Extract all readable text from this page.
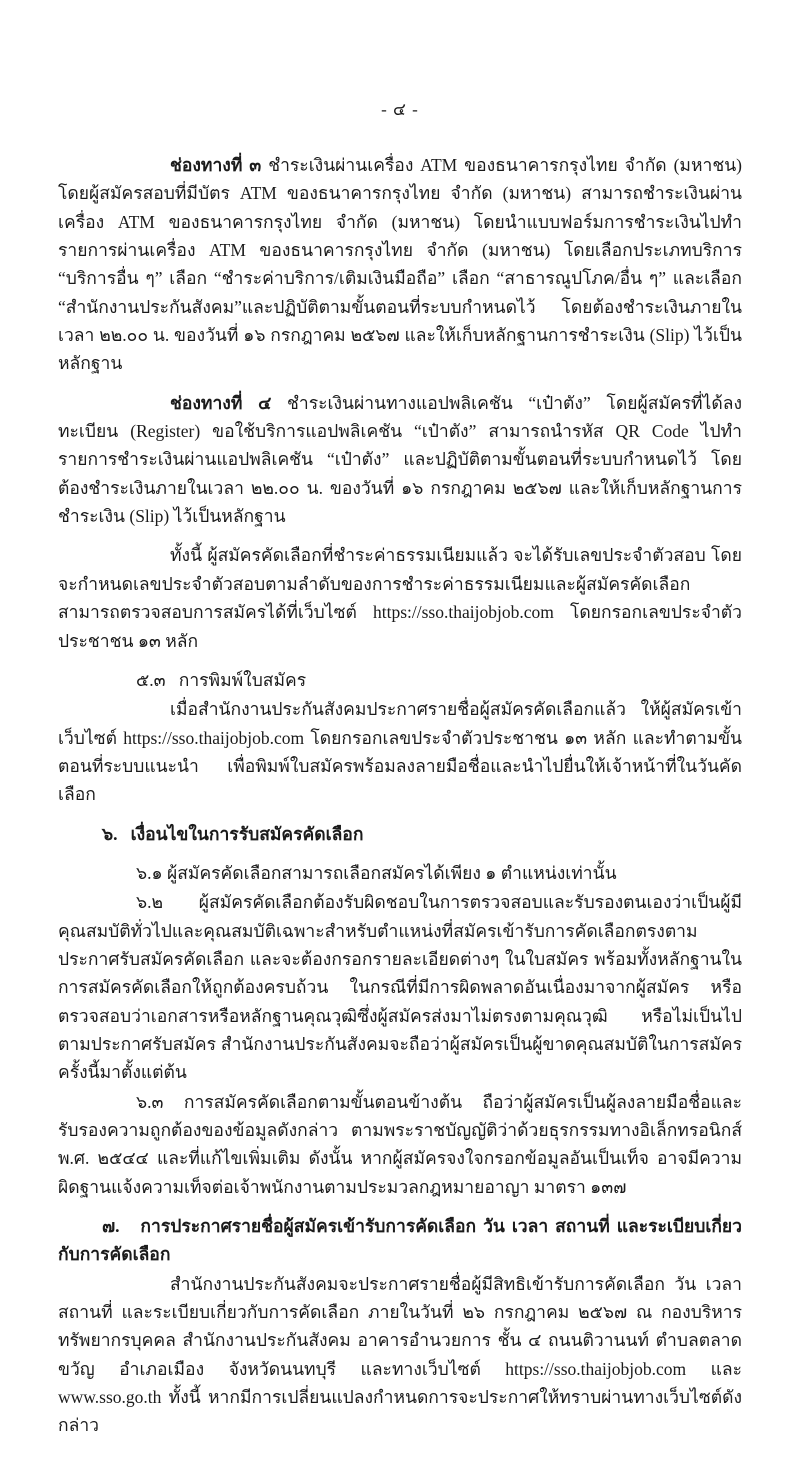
- ๔ -

ช่องทางที่ ๓ ชำระเงินผ่านเครื่อง ATM ของธนาคารกรุงไทย จำกัด (มหาชน) โดยผู้สมัครสอบที่มีบัตร ATM ของธนาคารกรุงไทย จำกัด (มหาชน) สามารถชำระเงินผ่านเครื่อง ATM ของธนาคารกรุงไทย จำกัด (มหาชน) โดยนำแบบฟอร์มการชำระเงินไปทำรายการผ่านเครื่อง ATM ของธนาคารกรุงไทย จำกัด (มหาชน) โดยเลือกประเภทบริการ “บริการอื่น ๆ” เลือก “ชำระค่าบริการ/เติมเงินมือถือ” เลือก “สาธารณูปโภค/อื่น ๆ” และเลือก “สำนักงานประกันสังคม”และปฏิบัติตามขั้นตอนที่ระบบกำหนดไว้ โดยต้องชำระเงินภายในเวลา ๒๒.๐๐ น. ของวันที่ ๑๖ กรกฎาคม ๒๕๖๗ และให้เก็บหลักฐานการชำระเงิน (Slip) ไว้เป็นหลักฐาน

ช่องทางที่ ๔ ชำระเงินผ่านทางแอปพลิเคชัน “เป๋าตัง” โดยผู้สมัครที่ได้ลงทะเบียน (Register) ขอใช้บริการแอปพลิเคชัน “เป๋าตัง” สามารถนำรหัส QR Code ไปทำรายการชำระเงินผ่านแอปพลิเคชัน “เป๋าตัง” และปฏิบัติตามขั้นตอนที่ระบบกำหนดไว้ โดยต้องชำระเงินภายในเวลา ๒๒.๐๐ น. ของวันที่ ๑๖ กรกฎาคม ๒๕๖๗ และให้เก็บหลักฐานการชำระเงิน (Slip) ไว้เป็นหลักฐาน

ทั้งนี้ ผู้สมัครคัดเลือกที่ชำระค่าธรรมเนียมแล้ว จะได้รับเลขประจำตัวสอบ โดยจะกำหนดเลขประจำตัวสอบตามลำดับของการชำระค่าธรรมเนียมและผู้สมัครคัดเลือกสามารถตรวจสอบการสมัครได้ที่เว็บไซต์ https://sso.thaijobjob.com โดยกรอกเลขประจำตัวประชาชน ๑๓ หลัก

๕.๓ การพิมพ์ใบสมัคร

เมื่อสำนักงานประกันสังคมประกาศรายชื่อผู้สมัครคัดเลือกแล้ว ให้ผู้สมัครเข้าเว็บไซต์ https://sso.thaijobjob.com โดยกรอกเลขประจำตัวประชาชน ๑๓ หลัก และทำตามขั้นตอนที่ระบบแนะนำ เพื่อพิมพ์ใบสมัครพร้อมลงลายมือชื่อและนำไปยื่นให้เจ้าหน้าที่ในวันคัดเลือก

๖. เงื่อนไขในการรับสมัครคัดเลือก

๖.๑ ผู้สมัครคัดเลือกสามารถเลือกสมัครได้เพียง ๑ ตำแหน่งเท่านั้น

๖.๒ ผู้สมัครคัดเลือกต้องรับผิดชอบในการตรวจสอบและรับรองตนเองว่าเป็นผู้มีคุณสมบัติทั่วไปและคุณสมบัติเฉพาะสำหรับตำแหน่งที่สมัครเข้ารับการคัดเลือกตรงตามประกาศรับสมัครคัดเลือก และจะต้องกรอกรายละเอียดต่างๆ ในใบสมัคร พร้อมทั้งหลักฐานในการสมัครคัดเลือกให้ถูกต้องครบถ้วน ในกรณีที่มีการผิดพลาดอันเนื่องมาจากผู้สมัคร หรือตรวจสอบว่าเอกสารหรือหลักฐานคุณวุฒิซึ่งผู้สมัครส่งมาไม่ตรงตามคุณวุฒิ หรือไม่เป็นไปตามประกาศรับสมัคร สำนักงานประกันสังคมจะถือว่าผู้สมัครเป็นผู้ขาดคุณสมบัติในการสมัครครั้งนี้มาตั้งแต่ต้น

๖.๓ การสมัครคัดเลือกตามขั้นตอนข้างต้น ถือว่าผู้สมัครเป็นผู้ลงลายมือชื่อและรับรองความถูกต้องของข้อมูลดังกล่าว ตามพระราชบัญญัติว่าด้วยธุรกรรมทางอิเล็กทรอนิกส์ พ.ศ. ๒๕๔๔ และที่แก้ไขเพิ่มเติม ดังนั้น หากผู้สมัครจงใจกรอกข้อมูลอันเป็นเท็จ อาจมีความผิดฐานแจ้งความเท็จต่อเจ้าพนักงานตามประมวลกฎหมายอาญา มาตรา ๑๓๗

๗. การประกาศรายชื่อผู้สมัครเข้ารับการคัดเลือก วัน เวลา สถานที่ และระเบียบเกี่ยวกับการคัดเลือก

สำนักงานประกันสังคมจะประกาศรายชื่อผู้มีสิทธิเข้ารับการคัดเลือก วัน เวลา สถานที่ และระเบียบเกี่ยวกับการคัดเลือก ภายในวันที่ ๒๖ กรกฎาคม ๒๕๖๗ ณ กองบริหารทรัพยากรบุคคล สำนักงานประกันสังคม อาคารอำนวยการ ชั้น ๔ ถนนติวานนท์ ตำบลตลาดขวัญ อำเภอเมือง จังหวัดนนทบุรี และทางเว็บไซต์ https://sso.thaijobjob.com และ www.sso.go.th ทั้งนี้ หากมีการเปลี่ยนแปลงกำหนดการจะประกาศให้ทราบผ่านทางเว็บไซต์ดังกล่าว
